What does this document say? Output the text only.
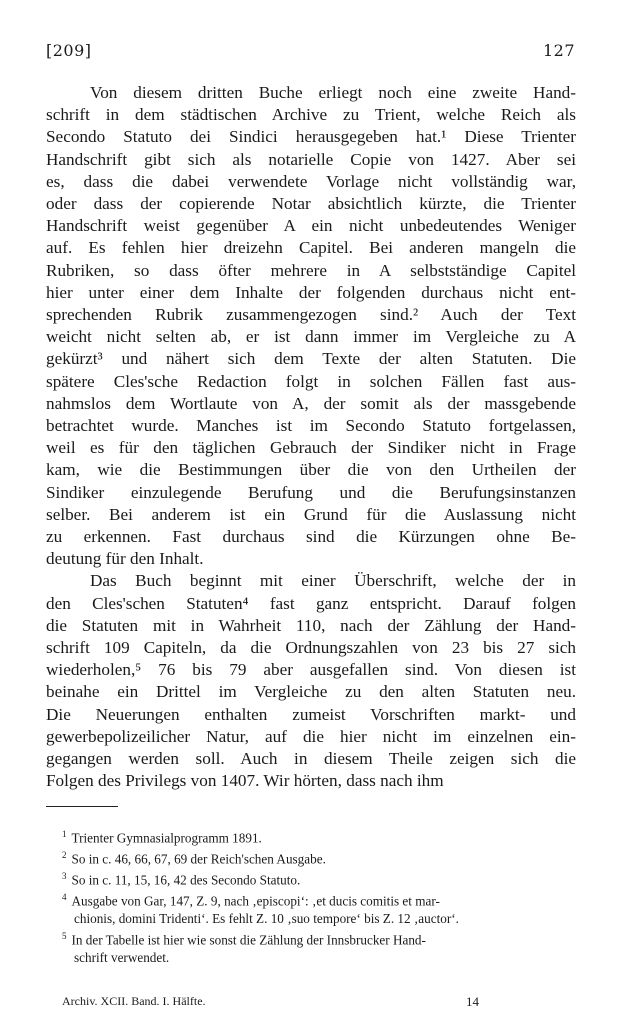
[209]	127
Von diesem dritten Buche erliegt noch eine zweite Hand-
schrift in dem städtischen Archive zu Trient, welche Reich als
Secondo Statuto dei Sindici herausgegeben hat.¹ Diese Trienter
Handschrift gibt sich als notarielle Copie von 1427. Aber sei
es, dass die dabei verwendete Vorlage nicht vollständig war,
oder dass der copierende Notar absichtlich kürzte, die Trienter
Handschrift weist gegenüber A ein nicht unbedeutendes Weniger
auf. Es fehlen hier dreizehn Capitel. Bei anderen mangeln die
Rubriken, so dass öfter mehrere in A selbstständige Capitel
hier unter einer dem Inhalte der folgenden durchaus nicht ent-
sprechenden Rubrik zusammengezogen sind.² Auch der Text
weicht nicht selten ab, er ist dann immer im Vergleiche zu A
gekürzt³ und nähert sich dem Texte der alten Statuten. Die
spätere Cles'sche Redaction folgt in solchen Fällen fast aus-
nahmslos dem Wortlaute von A, der somit als der massgebende
betrachtet wurde. Manches ist im Secondo Statuto fortgelassen,
weil es für den täglichen Gebrauch der Sindiker nicht in Frage
kam, wie die Bestimmungen über die von den Urtheilen der
Sindiker einzulegende Berufung und die Berufungsinstanzen
selber. Bei anderem ist ein Grund für die Auslassung nicht
zu erkennen. Fast durchaus sind die Kürzungen ohne Be-
deutung für den Inhalt.
Das Buch beginnt mit einer Überschrift, welche der in
den Cles'schen Statuten⁴ fast ganz entspricht. Darauf folgen
die Statuten mit in Wahrheit 110, nach der Zählung der Hand-
schrift 109 Capiteln, da die Ordnungszahlen von 23 bis 27 sich
wiederholen,⁵ 76 bis 79 aber ausgefallen sind. Von diesen ist
beinahe ein Drittel im Vergleiche zu den alten Statuten neu.
Die Neuerungen enthalten zumeist Vorschriften markt- und
gewerbepolizeilicher Natur, auf die hier nicht im einzelnen ein-
gegangen werden soll. Auch in diesem Theile zeigen sich die
Folgen des Privilegs von 1407. Wir hörten, dass nach ihm
$^1$ Trienter Gymnasialprogramm 1891.
$^2$ So in c. 46, 66, 67, 69 der Reich'schen Ausgabe.
$^3$ So in c. 11, 15, 16, 42 des Secondo Statuto.
$^4$ Ausgabe von Gar, 147, Z. 9, nach ‚episcopi‘: ‚et ducis comitis et mar-
chionis, domini Tridenti‘. Es fehlt Z. 10 ‚suo tempore‘ bis Z. 12 ‚auctor‘.
$^5$ In der Tabelle ist hier wie sonst die Zählung der Innsbrucker Hand-
schrift verwendet.
Archiv. XCII. Band. I. Hälfte.	14
